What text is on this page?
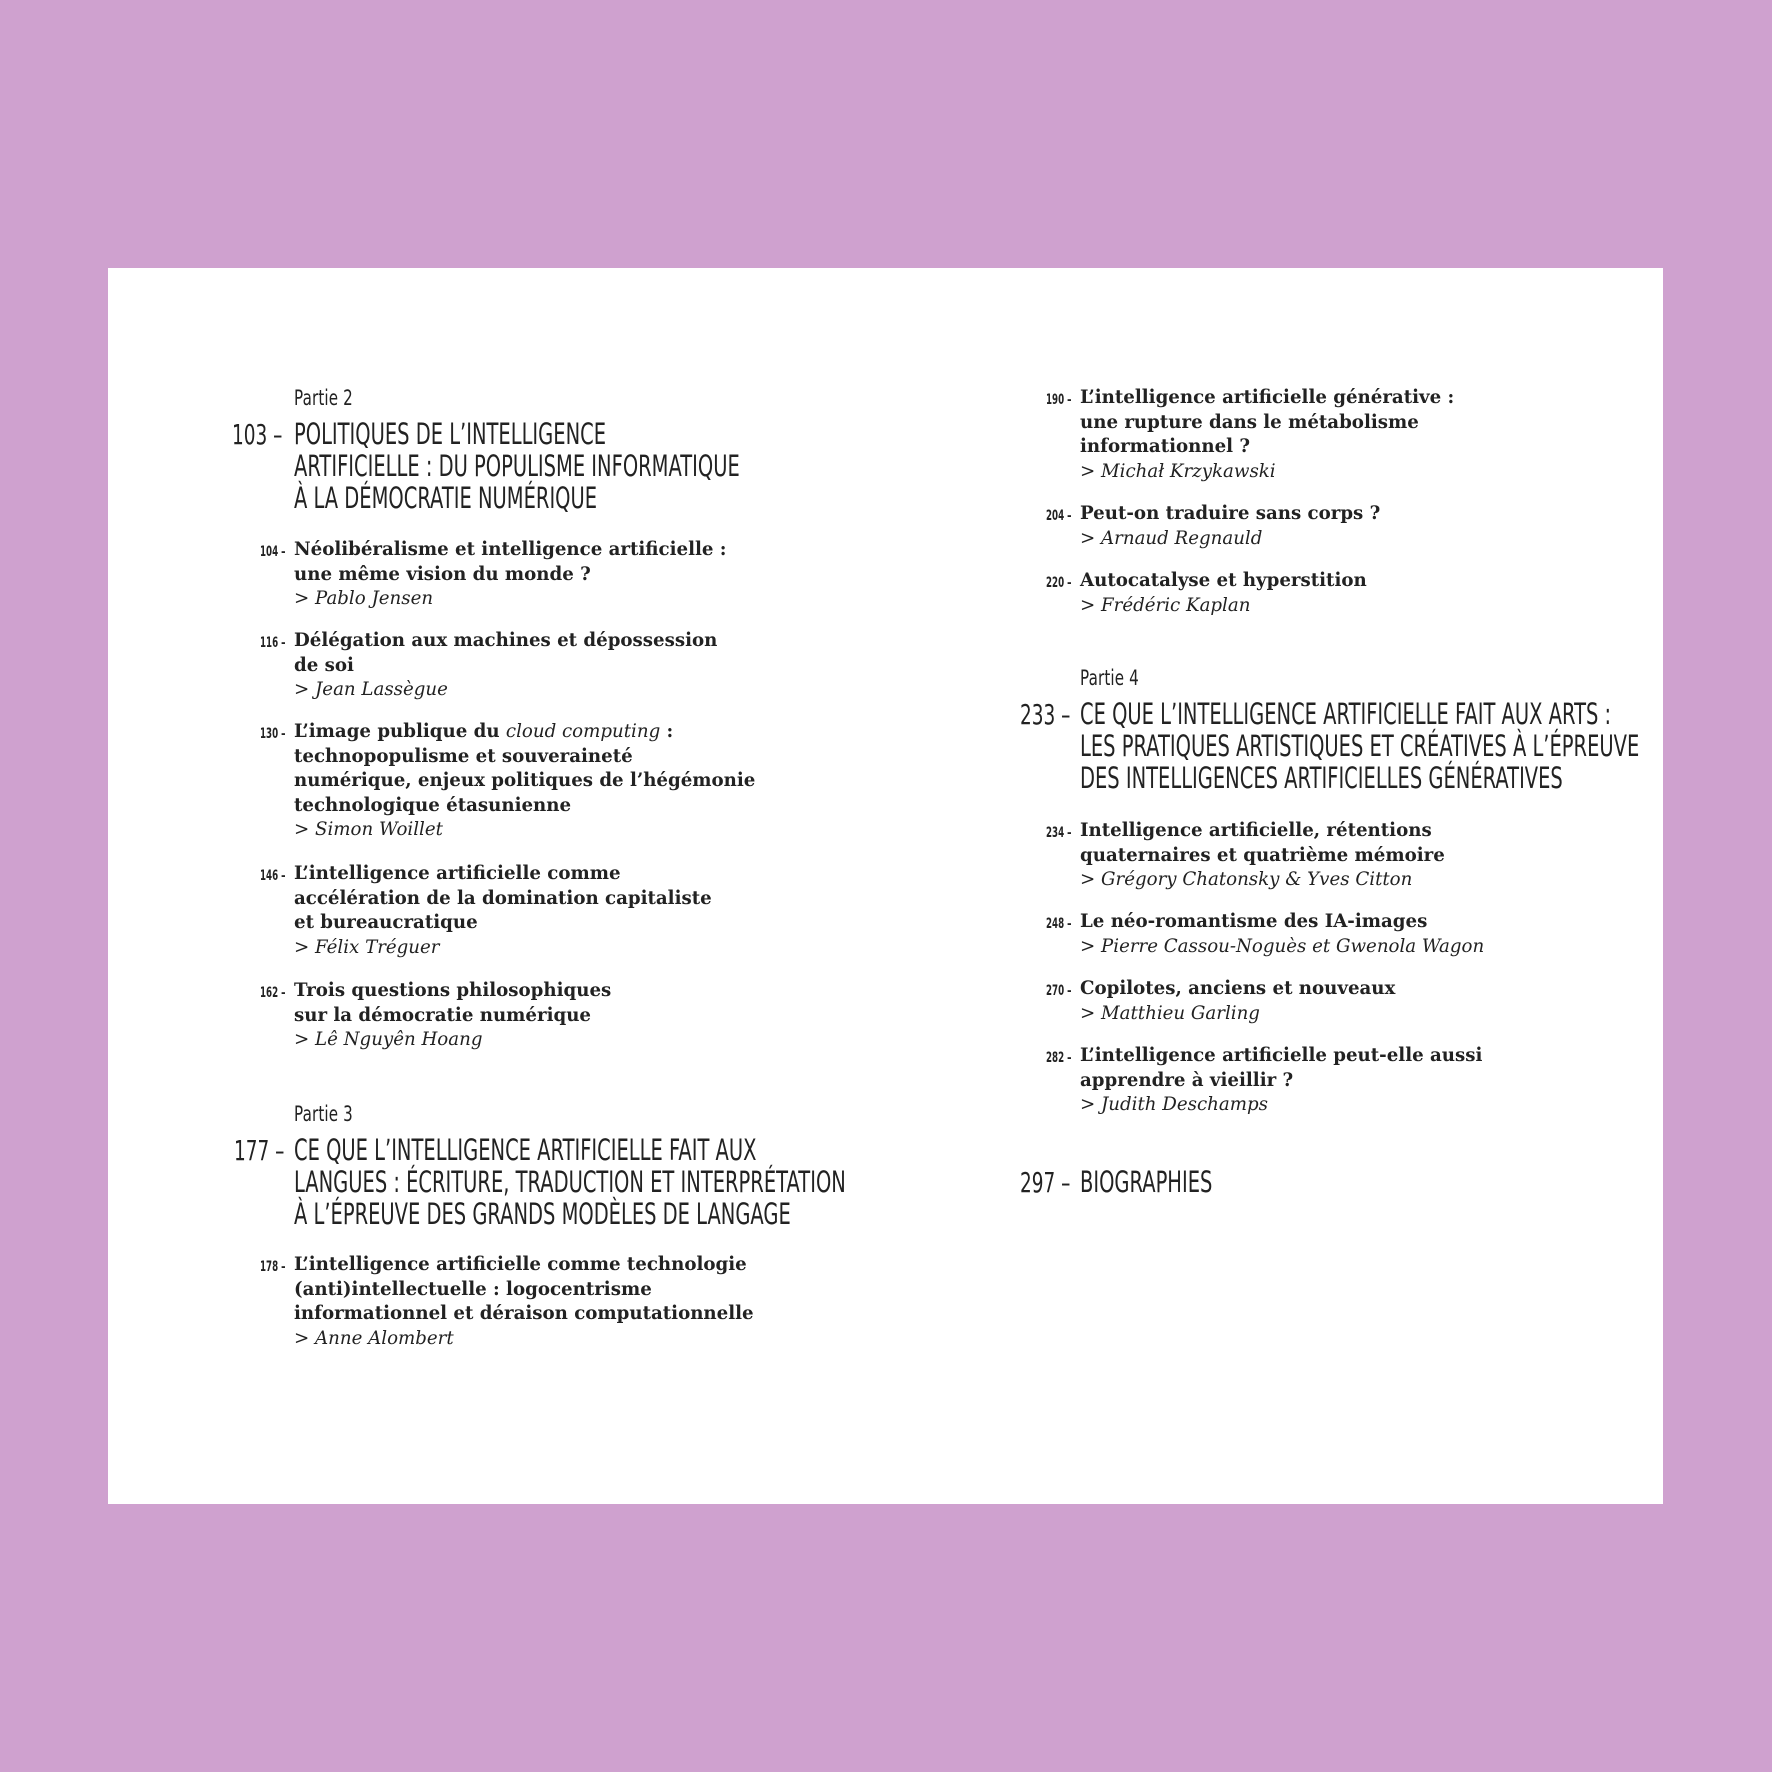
Partie 2
103 – POLITIQUES DE L’INTELLIGENCE
ARTIFICIELLE : DU POPULISME INFORMATIQUE
À LA DÉMOCRATIE NUMÉRIQUE
104 – Néolibéralisme et intelligence artificielle :
une même vision du monde ?
> Pablo Jensen
116 – Délégation aux machines et dépossession
de soi
> Jean Lassègue
130 – L’image publique du cloud computing :
technopopulisme et souveraineté
numérique, enjeux politiques de l’hégémonie
technologique étasunienne
> Simon Woillet
146 – L’intelligence artificielle comme
accélération de la domination capitaliste
et bureaucratique
> Félix Tréguer
162 – Trois questions philosophiques
sur la démocratie numérique
> Lê Nguyên Hoang
Partie 3
177 – CE QUE L’INTELLIGENCE ARTIFICIELLE FAIT AUX
LANGUES : ÉCRITURE, TRADUCTION ET INTERPRÉTATION
À L’ÉPREUVE DES GRANDS MODÈLES DE LANGAGE
178 – L’intelligence artificielle comme technologie
(anti)intellectuelle : logocentrisme
informationnel et déraison computationnelle
> Anne Alombert
190 – L’intelligence artificielle générative :
une rupture dans le métabolisme
informationnel ?
> Michał Krzykawski
204 – Peut-on traduire sans corps ?
> Arnaud Regnauld
220 – Autocatalyse et hyperstition
> Frédéric Kaplan
Partie 4
233 – CE QUE L’INTELLIGENCE ARTIFICIELLE FAIT AUX ARTS :
LES PRATIQUES ARTISTIQUES ET CRÉATIVES À L’ÉPREUVE
DES INTELLIGENCES ARTIFICIELLES GÉNÉRATIVES
234 – Intelligence artificielle, rétentions
quaternaires et quatrième mémoire
> Grégory Chatonsky & Yves Citton
248 – Le néo-romantisme des IA-images
> Pierre Cassou-Noguès et Gwenola Wagon
270 – Copilotes, anciens et nouveaux
> Matthieu Garling
282 – L’intelligence artificielle peut-elle aussi
apprendre à vieillir ?
> Judith Deschamps
297 – BIOGRAPHIES
